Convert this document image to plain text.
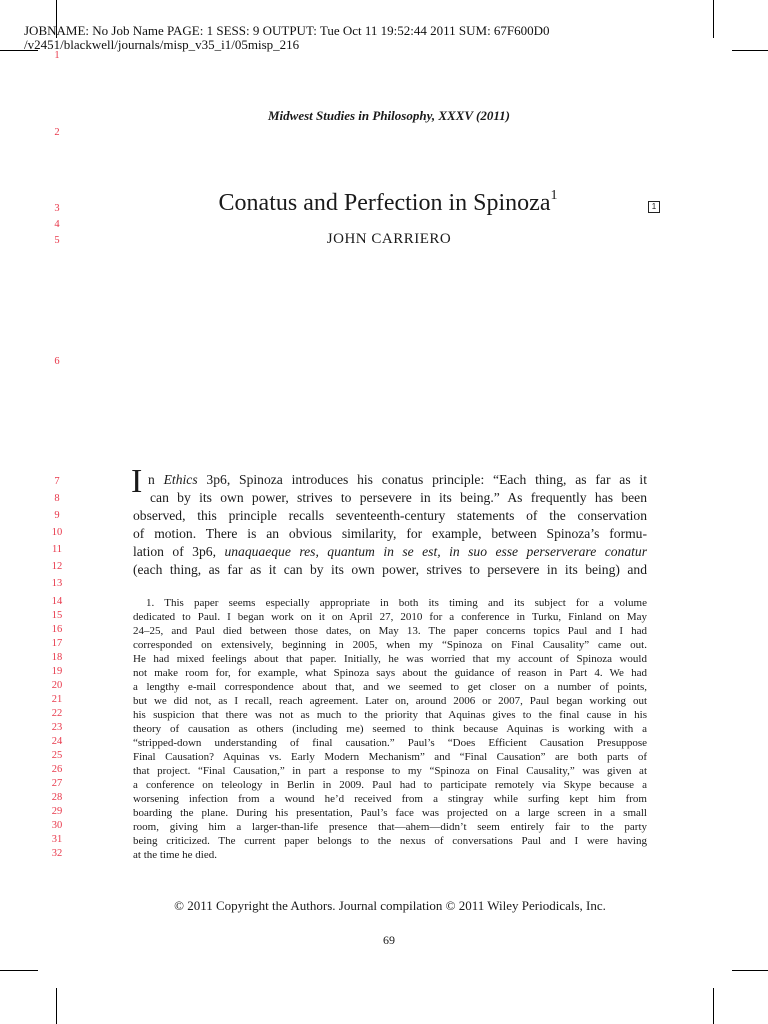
JOBNAME: No Job Name PAGE: 1 SESS: 9 OUTPUT: Tue Oct 11 19:52:44 2011 SUM: 67F600D0
/v2451/blackwell/journals/misp_v35_i1/05misp_216
1
2
3
4
5
6
7
8
9
10
11
12
13
14
15
16
17
18
19
20
21
22
23
24
25
26
27
28
29
30
31
32
Midwest Studies in Philosophy, XXXV (2011)
Conatus and Perfection in Spinoza$^1$
1
JOHN CARRIERO
I n Ethics 3p6, Spinoza introduces his conatus principle: “Each thing, as far as it
can by its own power, strives to persevere in its being.” As frequently has been
observed, this principle recalls seventeenth-century statements of the conservation
of motion. There is an obvious similarity, for example, between Spinoza’s formu-
lation of 3p6, unaquaeque res, quantum in se est, in suo esse perserverare conatur
(each thing, as far as it can by its own power, strives to persevere in its being) and
1. This paper seems especially appropriate in both its timing and its subject for a volume
dedicated to Paul. I began work on it on April 27, 2010 for a conference in Turku, Finland on May
24–25, and Paul died between those dates, on May 13. The paper concerns topics Paul and I had
corresponded on extensively, beginning in 2005, when my “Spinoza on Final Causality” came out.
He had mixed feelings about that paper. Initially, he was worried that my account of Spinoza would
not make room for, for example, what Spinoza says about the guidance of reason in Part 4. We had
a lengthy e-mail correspondence about that, and we seemed to get closer on a number of points,
but we did not, as I recall, reach agreement. Later on, around 2006 or 2007, Paul began working out
his suspicion that there was not as much to the priority that Aquinas gives to the final cause in his
theory of causation as others (including me) seemed to think because Aquinas is working with a
“stripped-down understanding of final causation.” Paul’s “Does Efficient Causation Presuppose
Final Causation? Aquinas vs. Early Modern Mechanism” and “Final Causation” are both parts of
that project. “Final Causation,” in part a response to my “Spinoza on Final Causality,” was given at
a conference on teleology in Berlin in 2009. Paul had to participate remotely via Skype because a
worsening infection from a wound he’d received from a stingray while surfing kept him from
boarding the plane. During his presentation, Paul’s face was projected on a large screen in a small
room, giving him a larger-than-life presence that—ahem—didn’t seem entirely fair to the party
being criticized. The current paper belongs to the nexus of conversations Paul and I were having
at the time he died.
© 2011 Copyright the Authors. Journal compilation © 2011 Wiley Periodicals, Inc.
69
